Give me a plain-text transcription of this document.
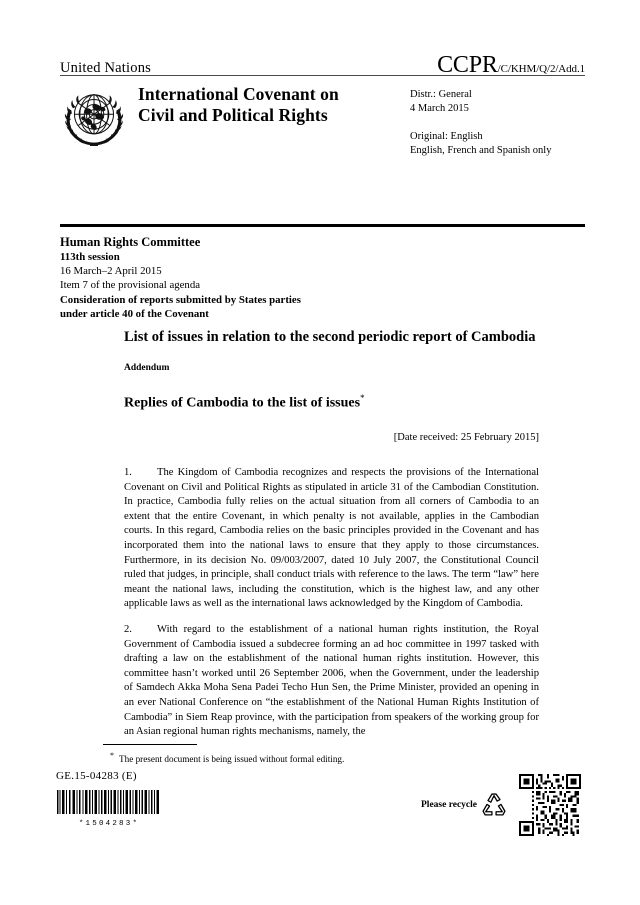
United Nations	CCPR/C/KHM/Q/2/Add.1
International Covenant on
Civil and Political Rights
Distr.: General
4 March 2015
Original: English
English, French and Spanish only
Human Rights Committee
113th session
16 March–2 April 2015
Item 7 of the provisional agenda
Consideration of reports submitted by States parties
under article 40 of the Covenant
List of issues in relation to the second periodic report of Cambodia
Addendum
Replies of Cambodia to the list of issues*
[Date received: 25 February 2015]

1. The Kingdom of Cambodia recognizes and respects the provisions of the International Covenant on Civil and Political Rights as stipulated in article 31 of the Cambodian Constitution. In practice, Cambodia fully relies on the actual situation from all corners of Cambodia to an extent that the entire Covenant, in which penalty is not available, applies in the Cambodian courts. In this regard, Cambodia relies on the basic principles provided in the Covenant and has incorporated them into the national laws to ensure that they apply to those circumstances. Furthermore, in its decision No. 09/003/2007, dated 10 July 2007, the Constitutional Council ruled that judges, in principle, shall conduct trials with reference to the laws. The term “law” here meant the national laws, including the constitution, which is the highest law, and any other applicable laws as well as the international laws acknowledged by the Kingdom of Cambodia.

2. With regard to the establishment of a national human rights institution, the Royal Government of Cambodia issued a subdecree forming an ad hoc committee in 1997 tasked with drafting a law on the establishment of the national human rights institution. However, this committee hasn’t worked until 26 September 2006, when the Government, under the leadership of Samdech Akka Moha Sena Padei Techo Hun Sen, the Prime Minister, provided an opening in an ever National Conference on “the establishment of the National Human Rights Institution of Cambodia” in Siem Reap province, with the participation from speakers of the working group for an Asian regional human rights mechanisms, namely, the

* The present document is being issued without formal editing.
GE.15-04283 (E)
*1504283*
Please recycle
